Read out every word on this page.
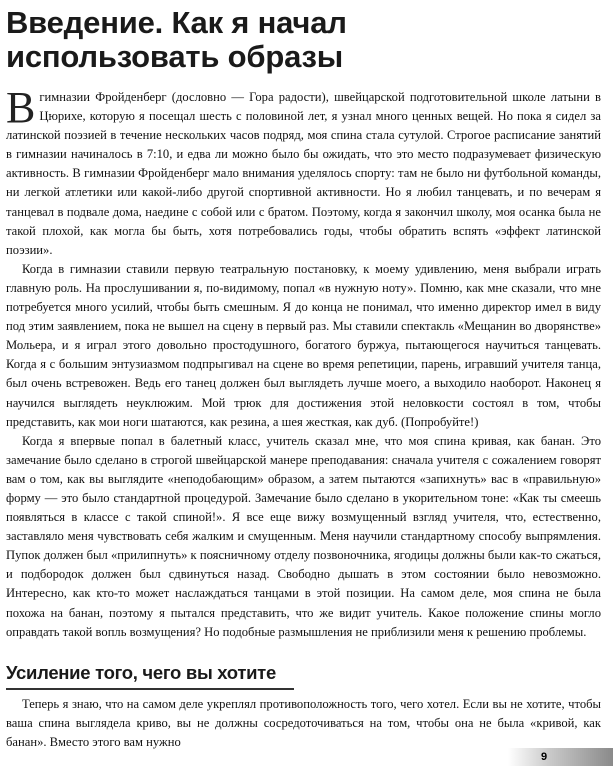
Введение. Как я начал
использовать образы

Вгимназии Фройденберг (дословно — Гора радости), швейцарской подготовительной школе латыни в Цюрихе, которую я посещал шесть с половиной лет, я узнал много ценных вещей. Но пока я сидел за латинской поэзией в течение нескольких часов подряд, моя спина стала сутулой. Строгое расписание занятий в гимназии начиналось в 7:10, и едва ли можно было бы ожидать, что это место подразумевает физическую активность. В гимназии Фройденберг мало внимания уделялось спорту: там не было ни футбольной команды, ни легкой атлетики или какой-либо другой спортивной активности. Но я любил танцевать, и по вечерам я танцевал в подвале дома, наедине с собой или с братом. Поэтому, когда я закончил школу, моя осанка была не такой плохой, как могла бы быть, хотя потребовались годы, чтобы обратить вспять «эффект латинской поэзии».

Когда в гимназии ставили первую театральную постановку, к моему удивлению, меня выбрали играть главную роль. На прослушивании я, по-видимому, попал «в нужную ноту». Помню, как мне сказали, что мне потребуется много усилий, чтобы быть смешным. Я до конца не понимал, что именно директор имел в виду под этим заявлением, пока не вышел на сцену в первый раз. Мы ставили спектакль «Мещанин во дворянстве» Мольера, и я играл этого довольно простодушного, богатого буржуа, пытающегося научиться танцевать. Когда я с большим энтузиазмом подпрыгивал на сцене во время репетиции, парень, игравший учителя танца, был очень встревожен. Ведь его танец должен был выглядеть лучше моего, а выходило наоборот. Наконец я научился выглядеть неуклюжим. Мой трюк для достижения этой неловкости состоял в том, чтобы представить, как мои ноги шатаются, как резина, а шея жесткая, как дуб. (Попробуйте!)

Когда я впервые попал в балетный класс, учитель сказал мне, что моя спина кривая, как банан. Это замечание было сделано в строгой швейцарской манере преподавания: сначала учителя с сожалением говорят вам о том, как вы выглядите «неподобающим» образом, а затем пытаются «запихнуть» вас в «правильную» форму — это было стандартной процедурой. Замечание было сделано в укорительном тоне: «Как ты смеешь появляться в классе с такой спиной!». Я все еще вижу возмущенный взгляд учителя, что, естественно, заставляло меня чувствовать себя жалким и смущенным. Меня научили стандартному способу выпрямления. Пупок должен был «прилипнуть» к поясничному отделу позвоночника, ягодицы должны были как-то сжаться, и подбородок должен был сдвинуться назад. Свободно дышать в этом состоянии было невозможно. Интересно, как кто-то может наслаждаться танцами в этой позиции. На самом деле, моя спина не была похожа на банан, поэтому я пытался представить, что же видит учитель. Какое положение спины могло оправдать такой вопль возмущения? Но подобные размышления не приблизили меня к решению проблемы.

Усиление того, чего вы хотите

Теперь я знаю, что на самом деле укреплял противоположность того, чего хотел. Если вы не хотите, чтобы ваша спина выглядела криво, вы не должны сосредоточиваться на том, чтобы она не была «кривой, как банан». Вместо этого вам нужно

9
